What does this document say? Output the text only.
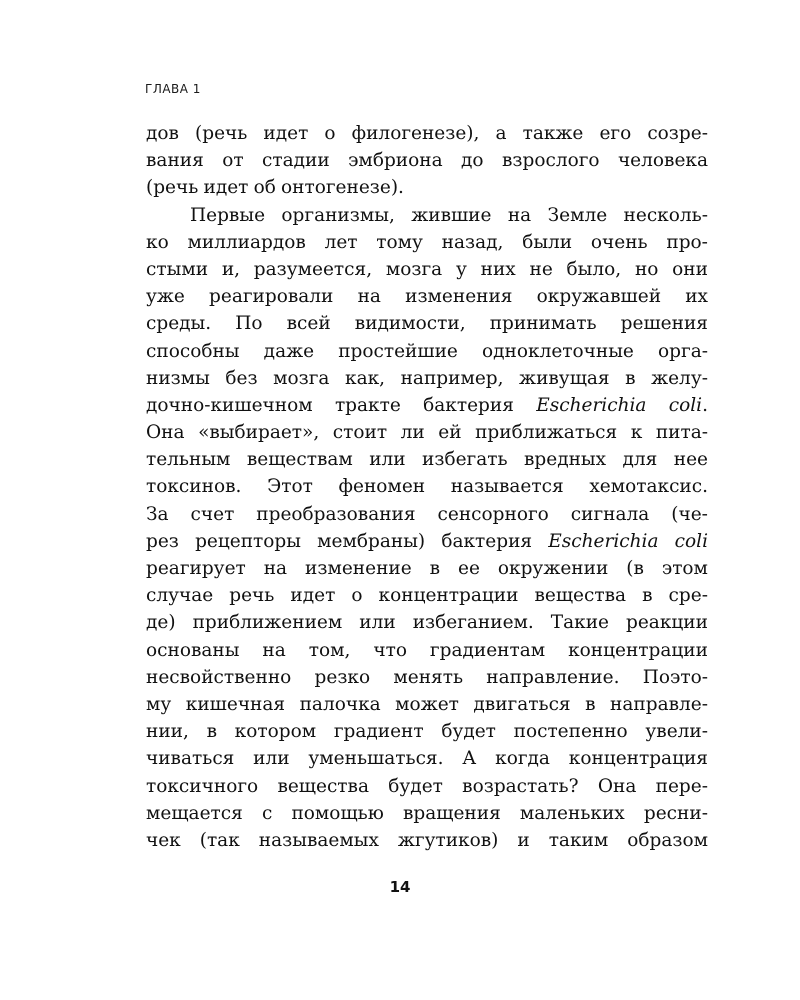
ГЛАВА 1
дов (речь идет о филогенезе), а также его созре-
вания от стадии эмбриона до взрослого человека
(речь идет об онтогенезе).
Первые организмы, жившие на Земле несколь-
ко миллиардов лет тому назад, были очень про-
стыми и, разумеется, мозга у них не было, но они
уже реагировали на изменения окружавшей их
среды. По всей видимости, принимать решения
способны даже простейшие одноклеточные орга-
низмы без мозга как, например, живущая в желу-
дочно-кишечном тракте бактерия Escherichia coli.
Она «выбирает», стоит ли ей приближаться к пита-
тельным веществам или избегать вредных для нее
токсинов. Этот феномен называется хемотаксис.
За счет преобразования сенсорного сигнала (че-
рез рецепторы мембраны) бактерия Escherichia coli
реагирует на изменение в ее окружении (в этом
случае речь идет о концентрации вещества в сре-
де) приближением или избеганием. Такие реакции
основаны на том, что градиентам концентрации
несвойственно резко менять направление. Поэто-
му кишечная палочка может двигаться в направле-
нии, в котором градиент будет постепенно увели-
чиваться или уменьшаться. А когда концентрация
токсичного вещества будет возрастать? Она пере-
мещается с помощью вращения маленьких ресни-
чек (так называемых жгутиков) и таким образом
14
